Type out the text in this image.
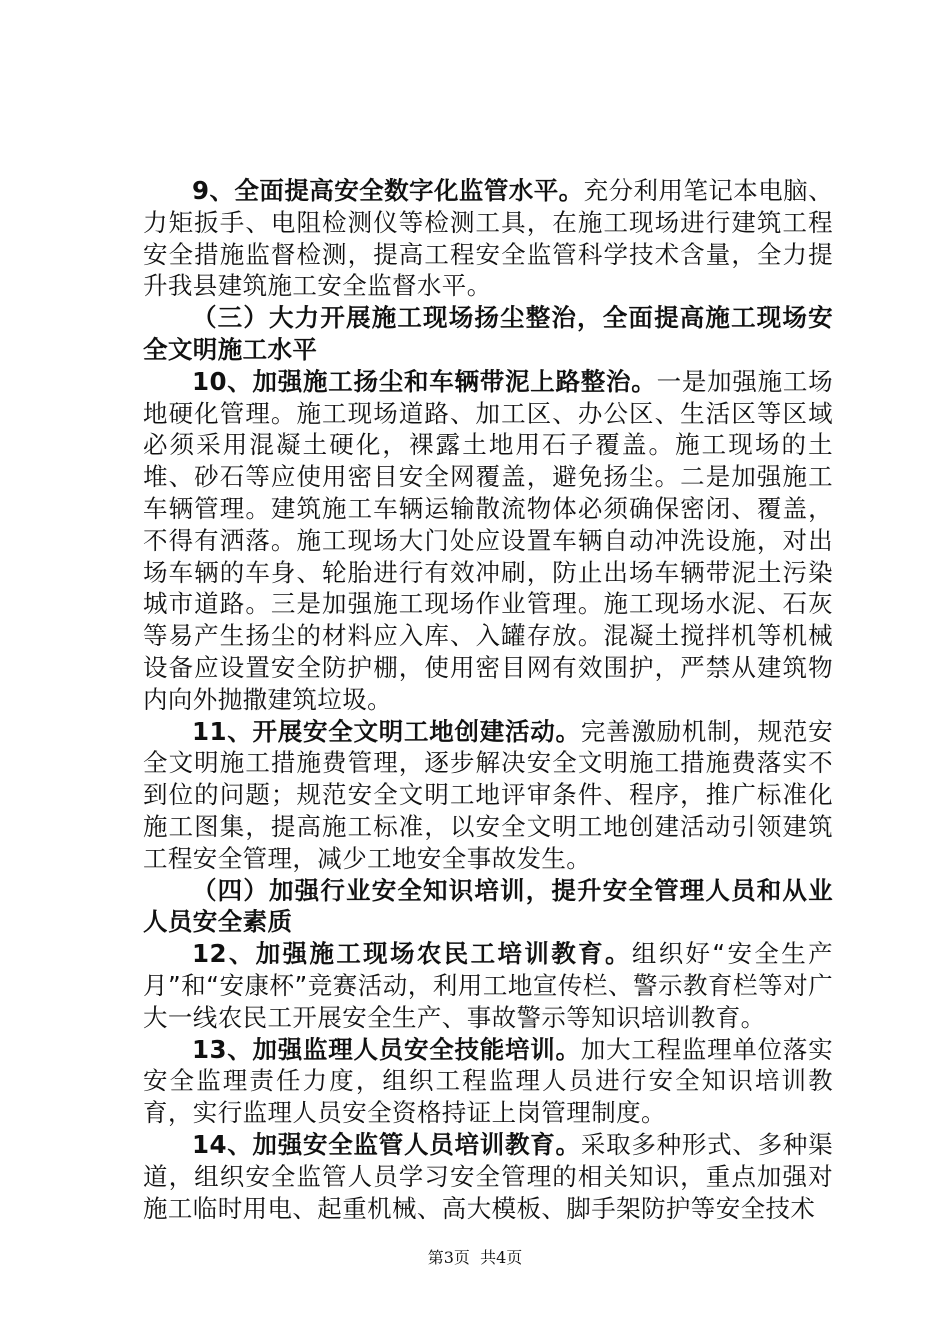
9、全面提高安全数字化监管水平。充分利用笔记本电脑、力矩扳手、电阻检测仪等检测工具，在施工现场进行建筑工程安全措施监督检测，提高工程安全监管科学技术含量，全力提升我县建筑施工安全监督水平。

（三）大力开展施工现场扬尘整治，全面提高施工现场安全文明施工水平

10、加强施工扬尘和车辆带泥上路整治。一是加强施工场地硬化管理。施工现场道路、加工区、办公区、生活区等区域必须采用混凝土硬化，裸露土地用石子覆盖。施工现场的土堆、砂石等应使用密目安全网覆盖，避免扬尘。二是加强施工车辆管理。建筑施工车辆运输散流物体必须确保密闭、覆盖，不得有洒落。施工现场大门处应设置车辆自动冲洗设施，对出场车辆的车身、轮胎进行有效冲刷，防止出场车辆带泥土污染城市道路。三是加强施工现场作业管理。施工现场水泥、石灰等易产生扬尘的材料应入库、入罐存放。混凝土搅拌机等机械设备应设置安全防护棚，使用密目网有效围护，严禁从建筑物内向外抛撒建筑垃圾。

11、开展安全文明工地创建活动。完善激励机制，规范安全文明施工措施费管理，逐步解决安全文明施工措施费落实不到位的问题；规范安全文明工地评审条件、程序，推广标准化施工图集，提高施工标准，以安全文明工地创建活动引领建筑工程安全管理，减少工地安全事故发生。

（四）加强行业安全知识培训，提升安全管理人员和从业人员安全素质

12、加强施工现场农民工培训教育。组织好“安全生产月”和“安康杯”竞赛活动，利用工地宣传栏、警示教育栏等对广大一线农民工开展安全生产、事故警示等知识培训教育。

13、加强监理人员安全技能培训。加大工程监理单位落实安全监理责任力度，组织工程监理人员进行安全知识培训教育，实行监理人员安全资格持证上岗管理制度。

14、加强安全监管人员培训教育。采取多种形式、多种渠道，组织安全监管人员学习安全管理的相关知识，重点加强对施工临时用电、起重机械、高大模板、脚手架防护等安全技术

第3页  共4页
